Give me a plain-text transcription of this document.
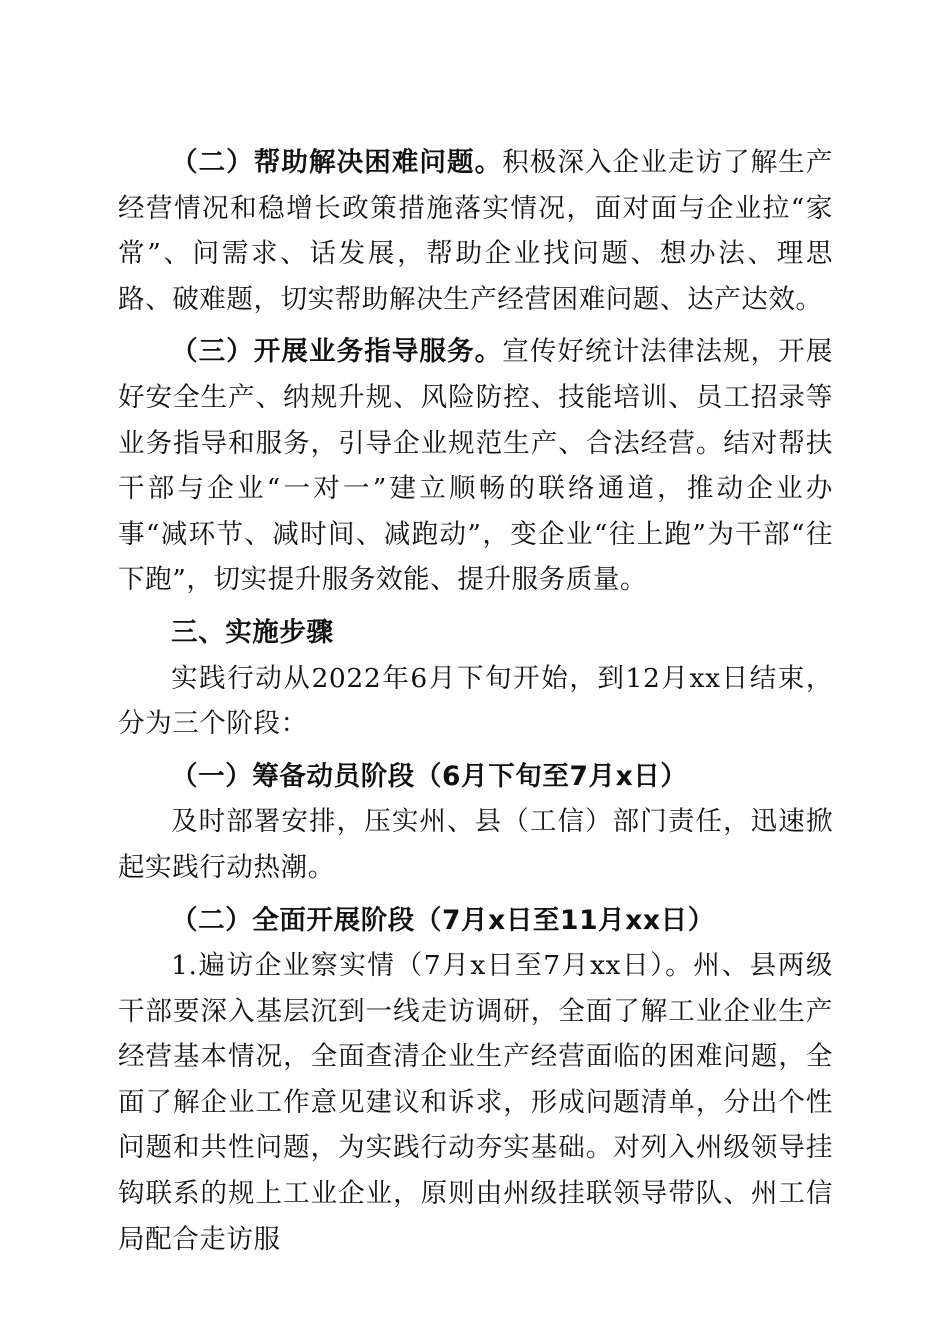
（二）帮助解决困难问题。积极深入企业走访了解生产经营情况和稳增长政策措施落实情况，面对面与企业拉“家常”、问需求、话发展，帮助企业找问题、想办法、理思路、破难题，切实帮助解决生产经营困难问题、达产达效。

（三）开展业务指导服务。宣传好统计法律法规，开展好安全生产、纳规升规、风险防控、技能培训、员工招录等业务指导和服务，引导企业规范生产、合法经营。结对帮扶干部与企业“一对一”建立顺畅的联络通道，推动企业办事“减环节、减时间、减跑动”，变企业“往上跑”为干部“往下跑”，切实提升服务效能、提升服务质量。

三、实施步骤

实践行动从2022年6月下旬开始，到12月xx日结束，分为三个阶段：

（一）筹备动员阶段（6月下旬至7月x日）

及时部署安排，压实州、县（工信）部门责任，迅速掀起实践行动热潮。

（二）全面开展阶段（7月x日至11月xx日）

1.遍访企业察实情（7月x日至7月xx日）。州、县两级干部要深入基层沉到一线走访调研，全面了解工业企业生产经营基本情况，全面查清企业生产经营面临的困难问题，全面了解企业工作意见建议和诉求，形成问题清单，分出个性问题和共性问题，为实践行动夯实基础。对列入州级领导挂钩联系的规上工业企业，原则由州级挂联领导带队、州工信局配合走访服
